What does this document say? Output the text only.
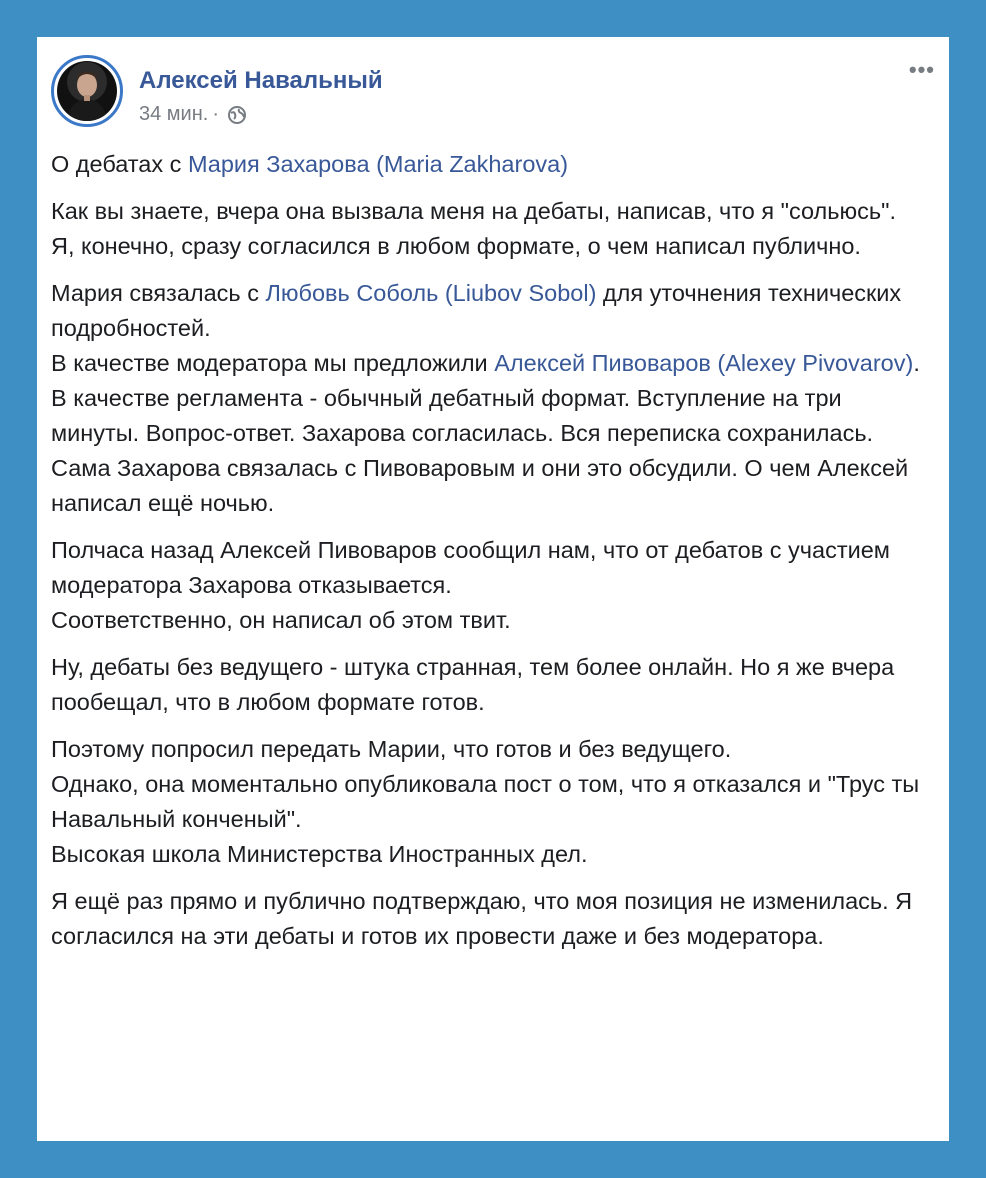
Алексей Навальный
34 мин. ·
•••

О дебатах с Мария Захарова (Maria Zakharova)

Как вы знаете, вчера она вызвала меня на дебаты, написав, что я "сольюсь".
Я, конечно, сразу согласился в любом формате, о чем написал публично.

Мария связалась с Любовь Соболь (Liubov Sobol) для уточнения технических подробностей.
В качестве модератора мы предложили Алексей Пивоваров (Alexey Pivovarov).
В качестве регламента - обычный дебатный формат. Вступление на три минуты. Вопрос-ответ. Захарова согласилась. Вся переписка сохранилась.
Сама Захарова связалась с Пивоваровым и они это обсудили. О чем Алексей написал ещё ночью.

Полчаса назад Алексей Пивоваров сообщил нам, что от дебатов с участием модератора Захарова отказывается.
Соответственно, он написал об этом твит.

Ну, дебаты без ведущего - штука странная, тем более онлайн. Но я же вчера пообещал, что в любом формате готов.

Поэтому попросил передать Марии, что готов и без ведущего.
Однако, она моментально опубликовала пост о том, что я отказался и "Трус ты Навальный конченый".
Высокая школа Министерства Иностранных дел.

Я ещё раз прямо и публично подтверждаю, что моя позиция не изменилась. Я согласился на эти дебаты и готов их провести даже и без модератора.
